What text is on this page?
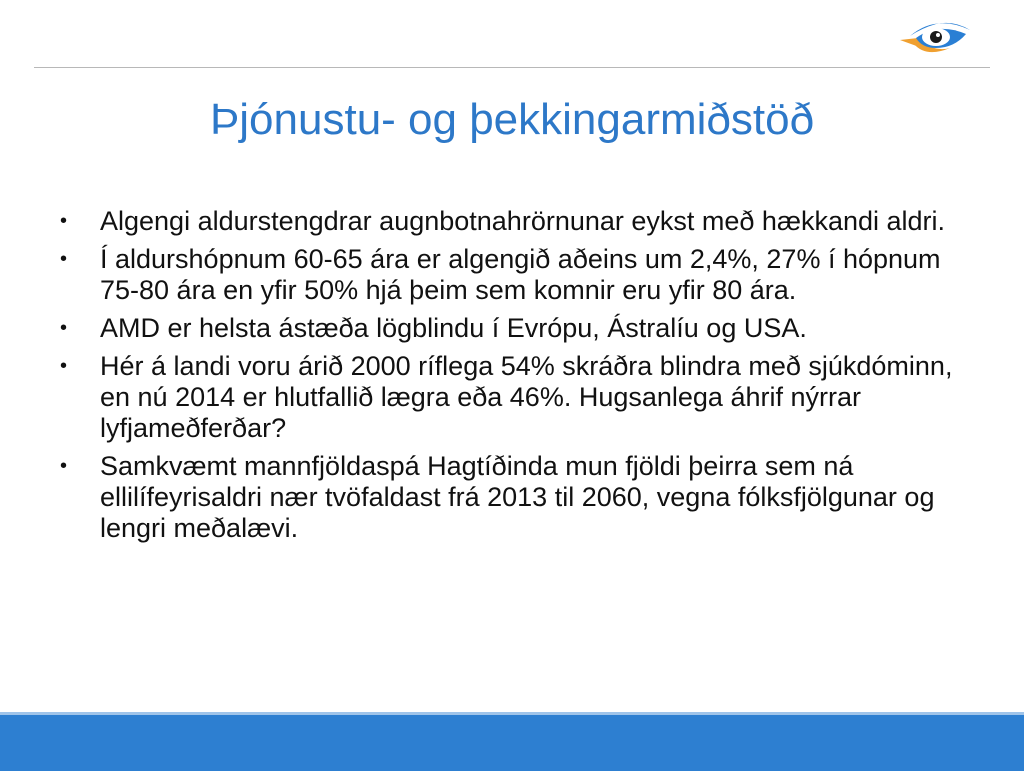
Þjónustu- og þekkingarmiðstöð
• Algengi aldurstengdrar augnbotnahrörnunar eykst með hækkandi aldri.
• Í aldurshópnum 60-65 ára er algengið aðeins um 2,4%, 27% í hópnum 75-80 ára en yfir 50% hjá þeim sem komnir eru yfir 80 ára.
• AMD er helsta ástæða lögblindu í Evrópu, Ástralíu og USA.
• Hér á landi voru árið 2000 ríflega 54% skráðra blindra með sjúkdóminn, en nú 2014 er hlutfallið lægra eða 46%. Hugsanlega áhrif nýrrar lyfjameðferðar?
• Samkvæmt mannfjöldaspá Hagtíðinda mun fjöldi þeirra sem ná ellilífeyrisaldri nær tvöfaldast frá 2013 til 2060, vegna fólksfjölgunar og lengri meðalævi.
